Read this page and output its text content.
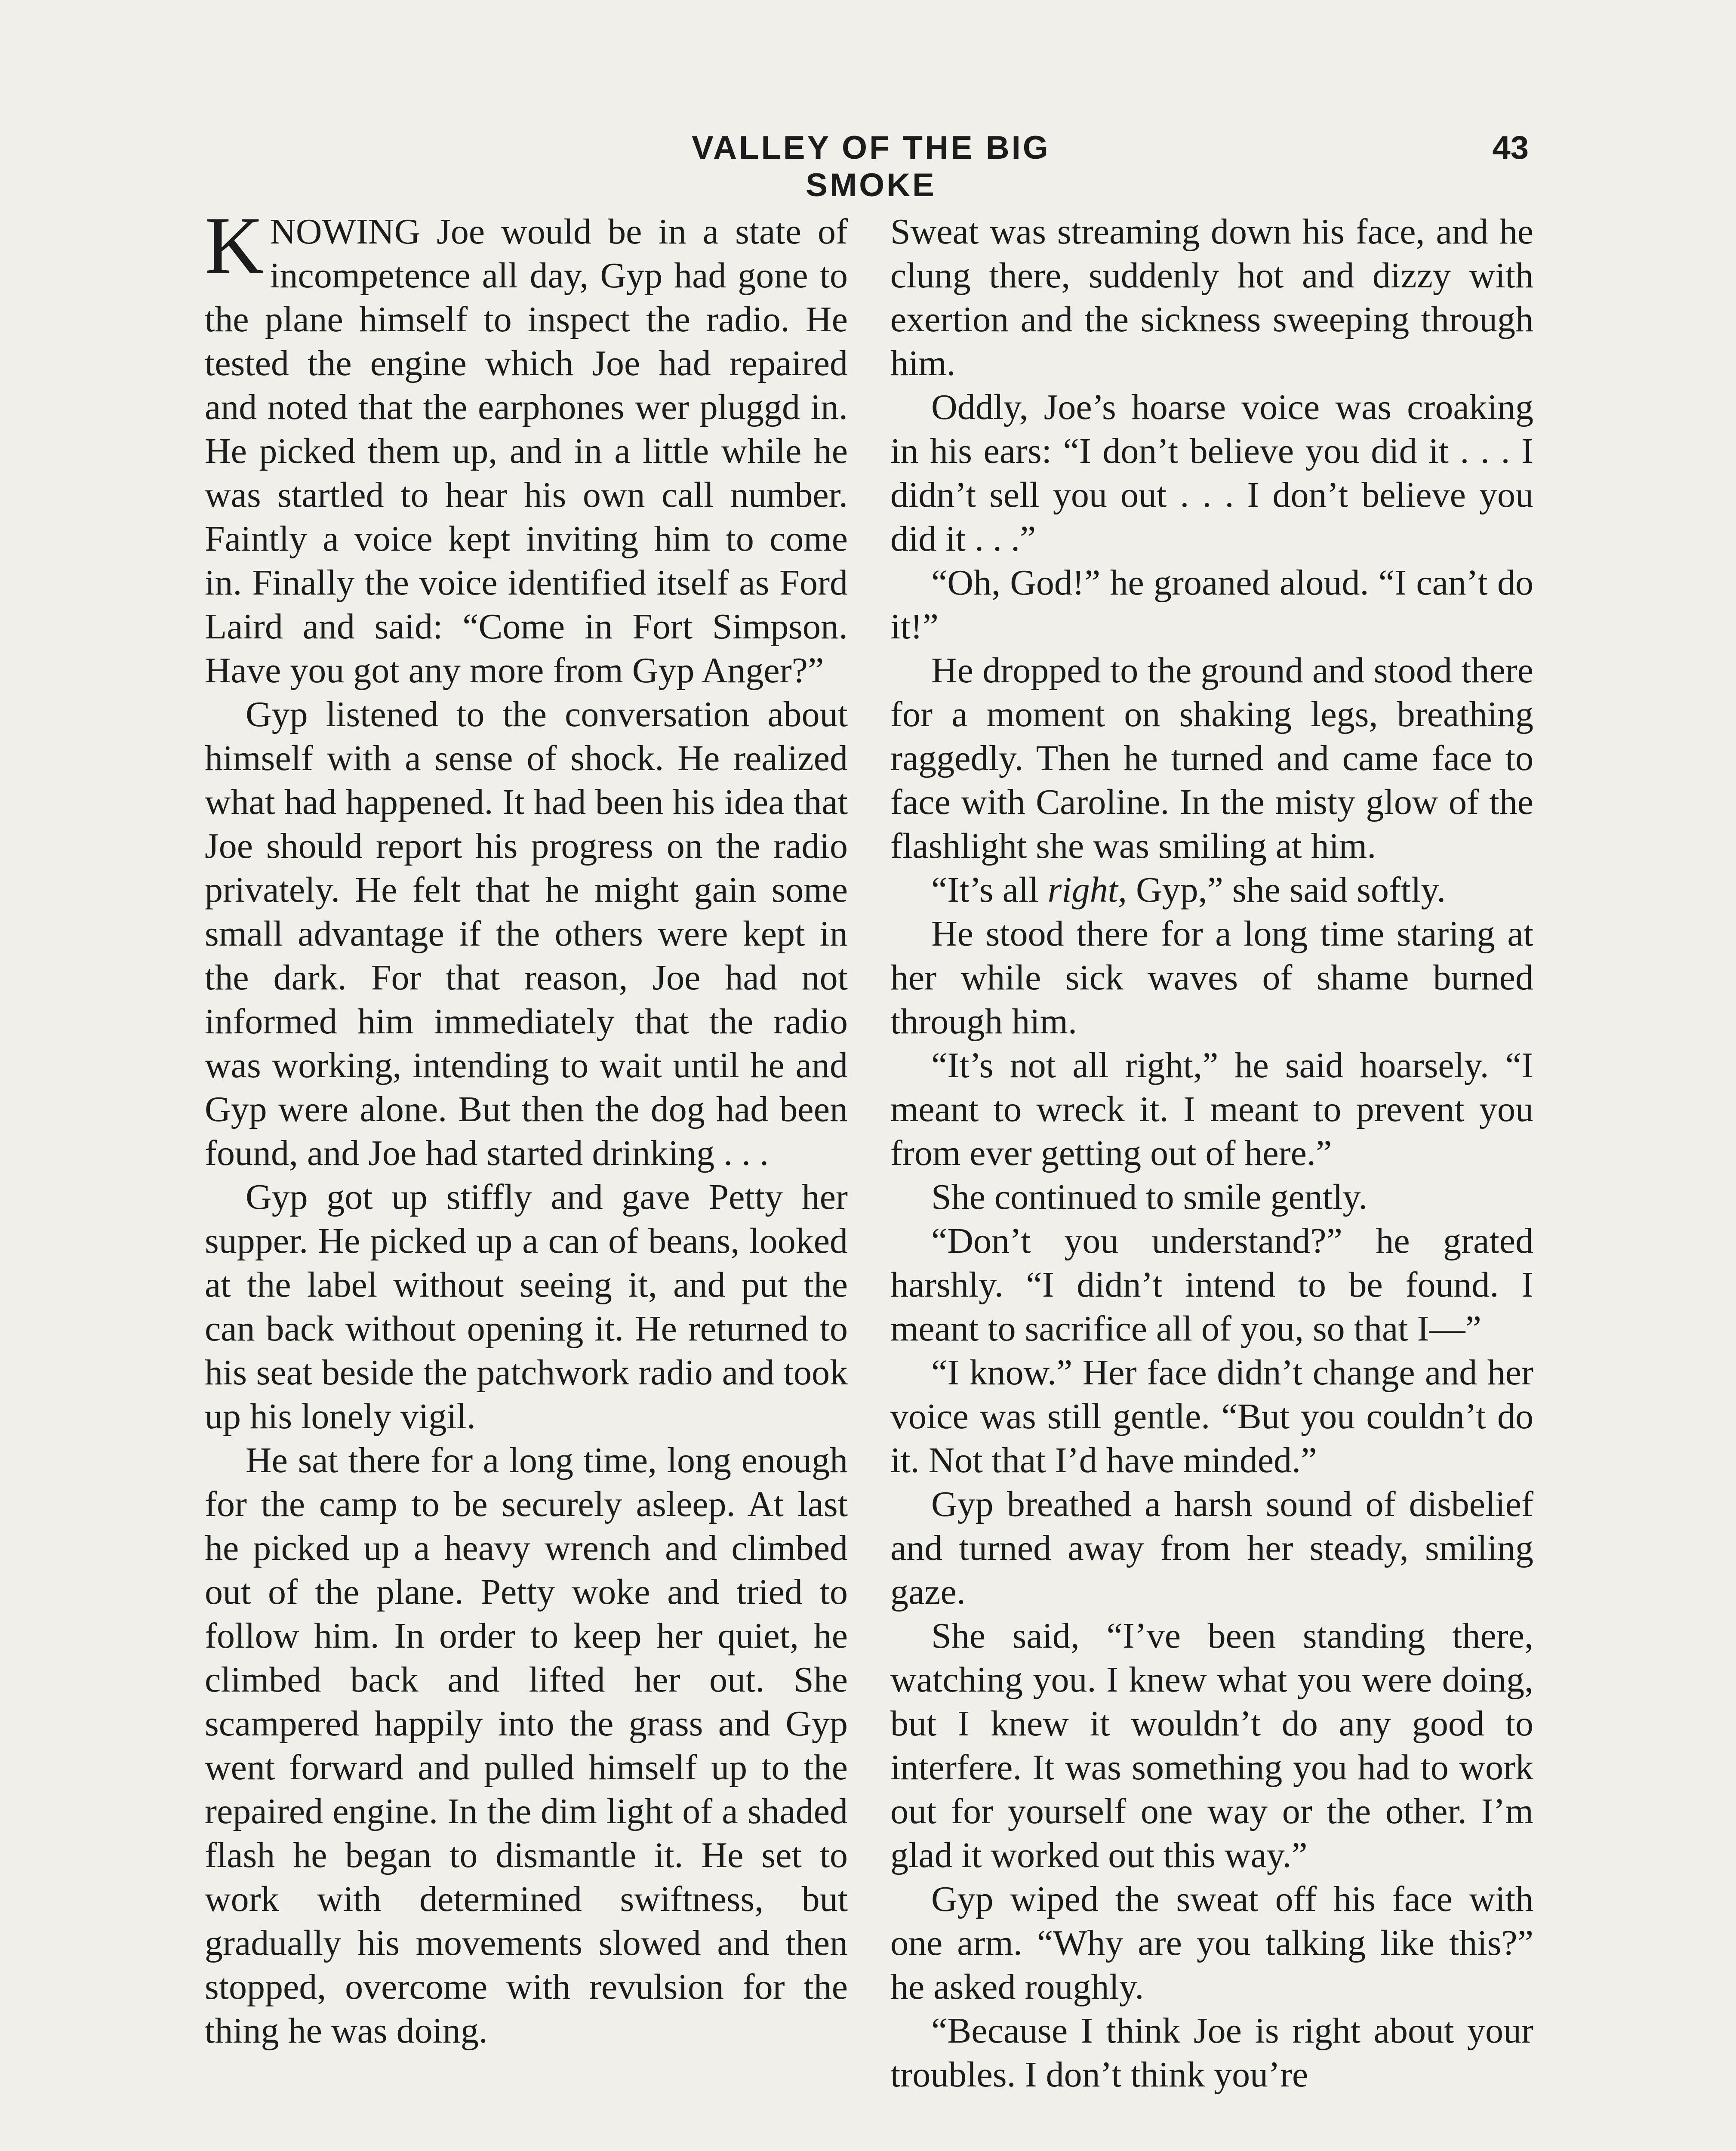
VALLEY OF THE BIG SMOKE
43

KNOWING Joe would be in a state of incompetence all day, Gyp had gone to the plane himself to inspect the radio. He tested the engine which Joe had repaired and noted that the earphones wer pluggd in. He picked them up, and in a little while he was startled to hear his own call number. Faintly a voice kept inviting him to come in. Finally the voice identified itself as Ford Laird and said: “Come in Fort Simpson. Have you got any more from Gyp Anger?”

Gyp listened to the conversation about himself with a sense of shock. He realized what had happened. It had been his idea that Joe should report his progress on the radio privately. He felt that he might gain some small advantage if the others were kept in the dark. For that reason, Joe had not informed him immediately that the radio was working, intending to wait until he and Gyp were alone. But then the dog had been found, and Joe had started drinking . . .

Gyp got up stiffly and gave Petty her supper. He picked up a can of beans, looked at the label without seeing it, and put the can back without opening it. He returned to his seat beside the patchwork radio and took up his lonely vigil.

He sat there for a long time, long enough for the camp to be securely asleep. At last he picked up a heavy wrench and climbed out of the plane. Petty woke and tried to follow him. In order to keep her quiet, he climbed back and lifted her out. She scampered happily into the grass and Gyp went forward and pulled himself up to the repaired engine. In the dim light of a shaded flash he began to dismantle it. He set to work with determined swiftness, but gradually his movements slowed and then stopped, overcome with revulsion for the thing he was doing.

Sweat was streaming down his face, and he clung there, suddenly hot and dizzy with exertion and the sickness sweeping through him.

Oddly, Joe’s hoarse voice was croaking in his ears: “I don’t believe you did it . . . I didn’t sell you out . . . I don’t believe you did it . . .”

“Oh, God!” he groaned aloud. “I can’t do it!”

He dropped to the ground and stood there for a moment on shaking legs, breathing raggedly. Then he turned and came face to face with Caroline. In the misty glow of the flashlight she was smiling at him.

“It’s all right, Gyp,” she said softly.

He stood there for a long time staring at her while sick waves of shame burned through him.

“It’s not all right,” he said hoarsely. “I meant to wreck it. I meant to prevent you from ever getting out of here.”

She continued to smile gently.

“Don’t you understand?” he grated harshly. “I didn’t intend to be found. I meant to sacrifice all of you, so that I—”

“I know.” Her face didn’t change and her voice was still gentle. “But you couldn’t do it. Not that I’d have minded.”

Gyp breathed a harsh sound of disbelief and turned away from her steady, smiling gaze.

She said, “I’ve been standing there, watching you. I knew what you were doing, but I knew it wouldn’t do any good to interfere. It was something you had to work out for yourself one way or the other. I’m glad it worked out this way.”

Gyp wiped the sweat off his face with one arm. “Why are you talking like this?” he asked roughly.

“Because I think Joe is right about your troubles. I don’t think you’re
